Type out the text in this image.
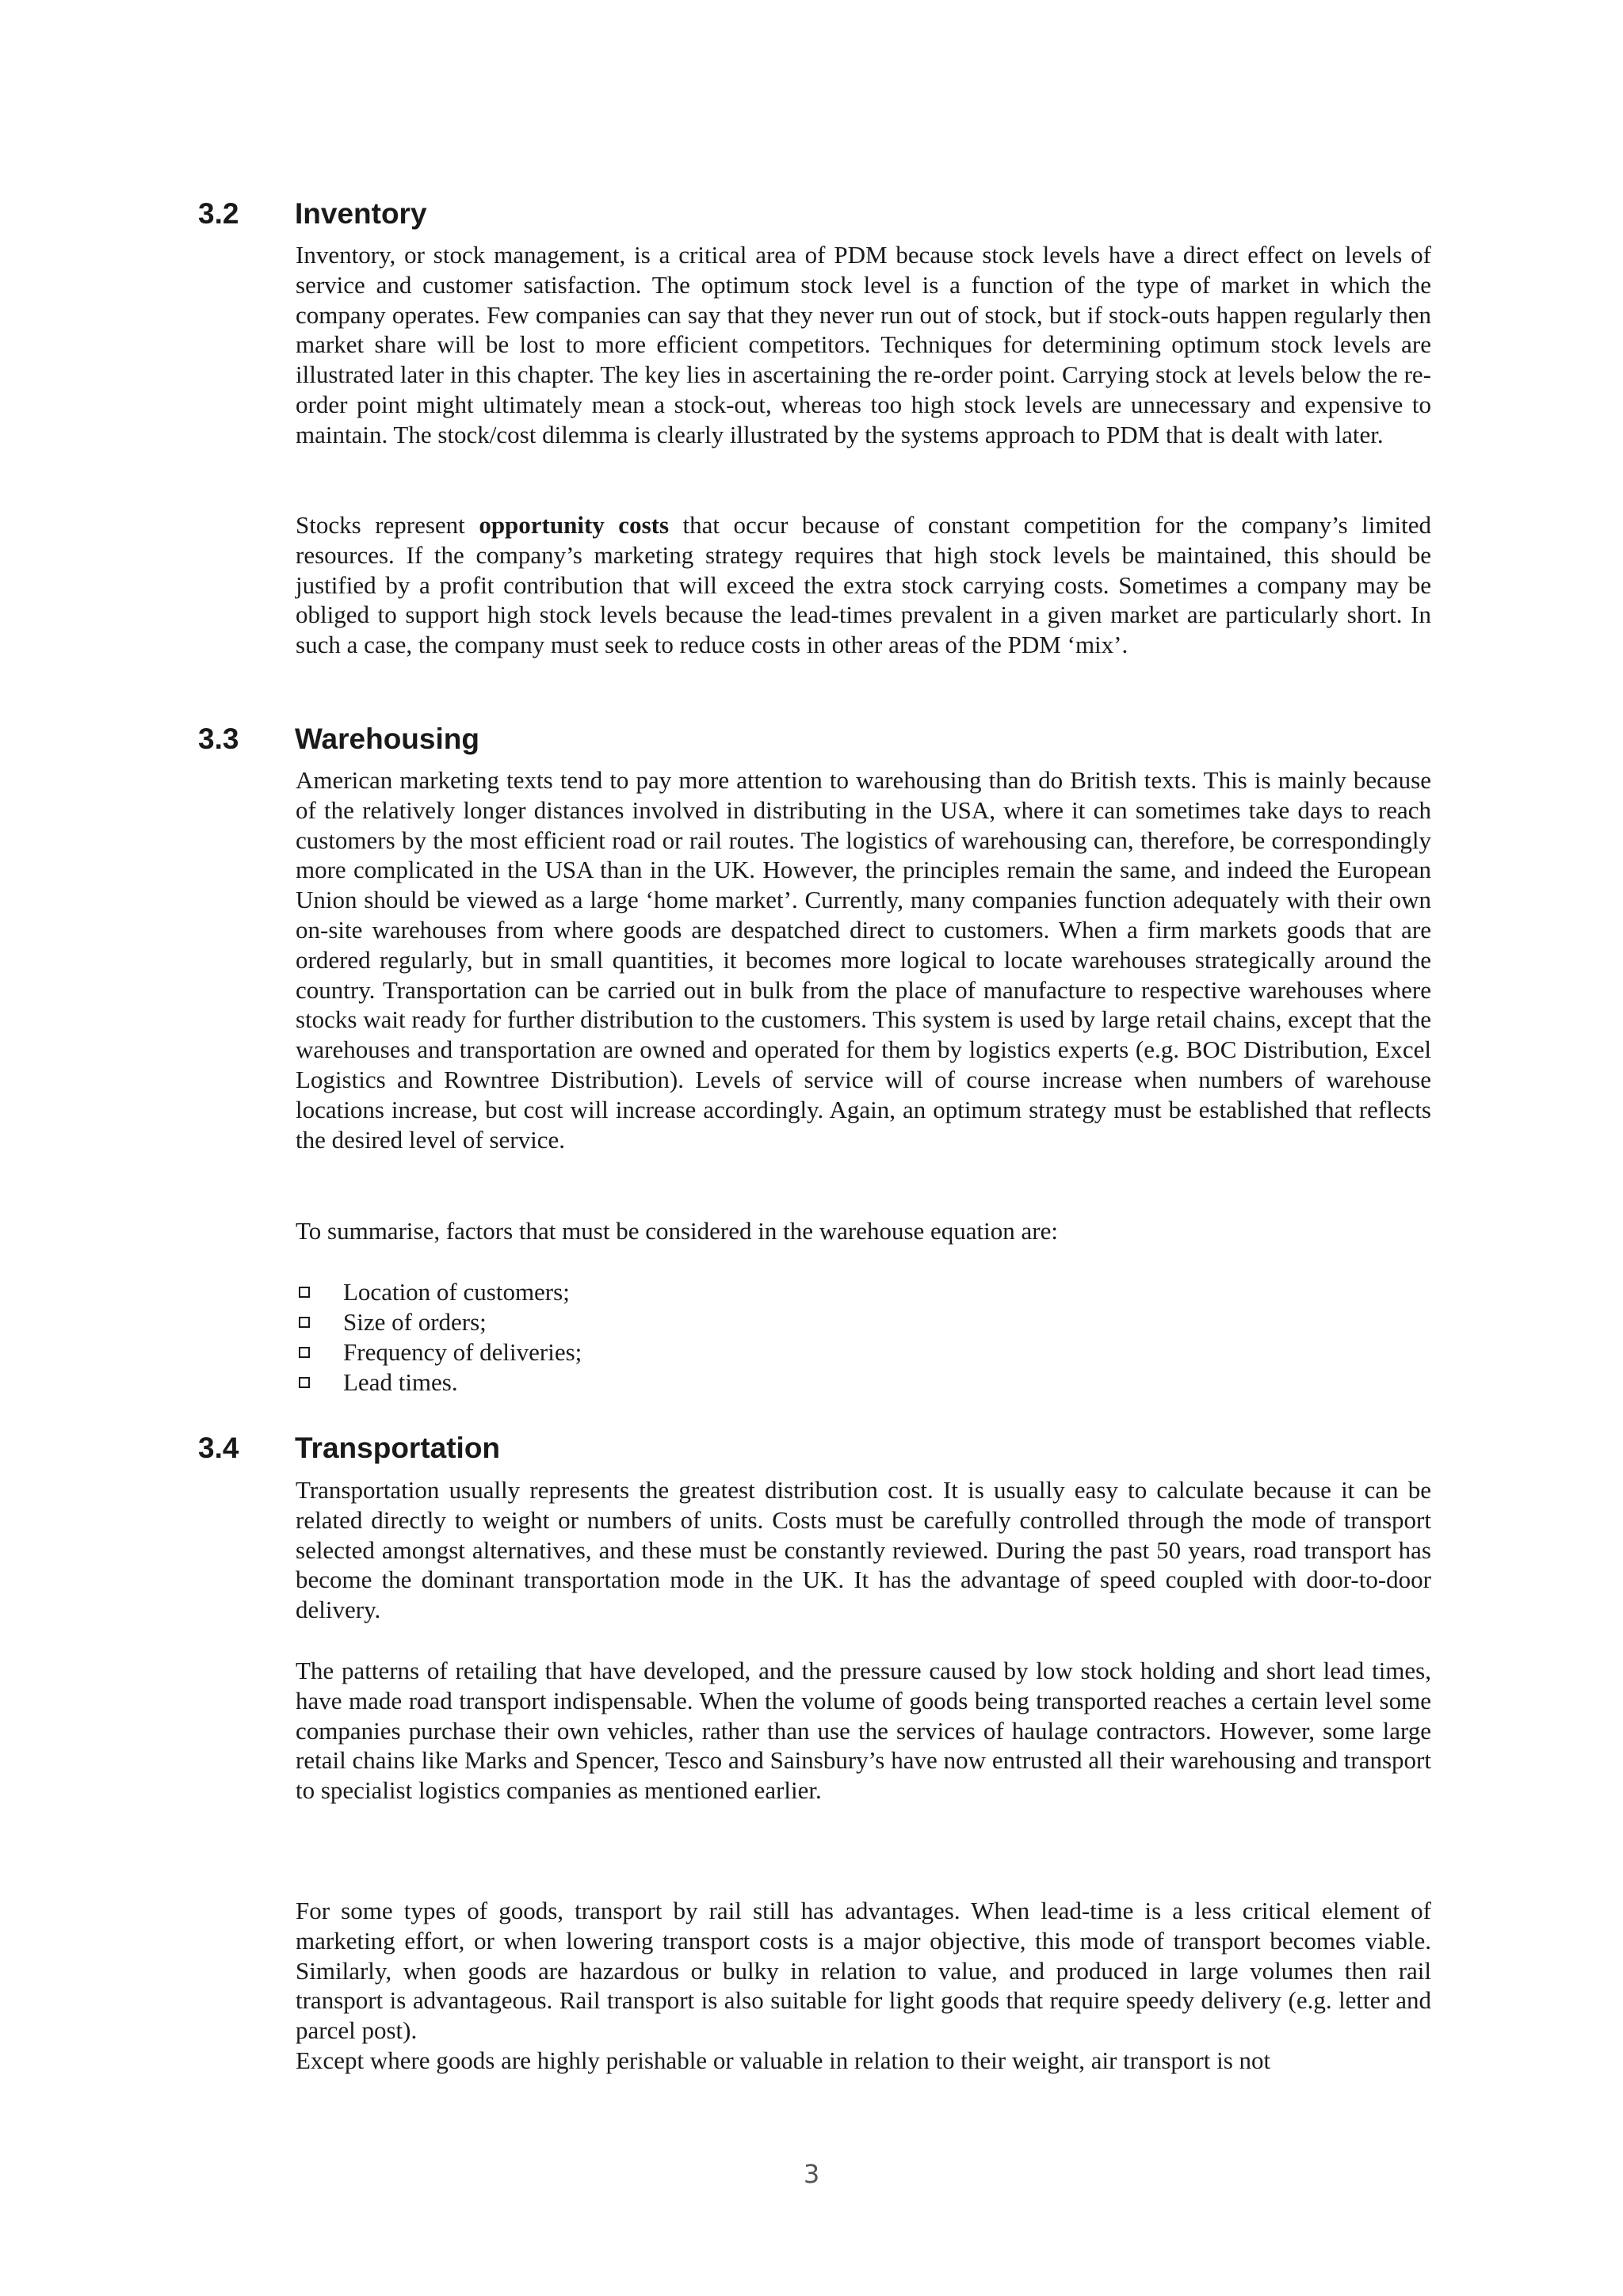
3.2 Inventory

Inventory, or stock management, is a critical area of PDM because stock levels have a direct effect on levels of service and customer satisfaction. The optimum stock level is a function of the type of market in which the company operates. Few companies can say that they never run out of stock, but if stock-outs happen regularly then market share will be lost to more efficient competitors. Techniques for determining optimum stock levels are illustrated later in this chapter. The key lies in ascertaining the re-order point. Carrying stock at levels below the re-order point might ultimately mean a stock-out, whereas too high stock levels are unnecessary and expensive to maintain. The stock/cost dilemma is clearly illustrated by the systems approach to PDM that is dealt with later.

Stocks represent opportunity costs that occur because of constant competition for the company’s limited resources. If the company’s marketing strategy requires that high stock levels be maintained, this should be justified by a profit contribution that will exceed the extra stock carrying costs. Sometimes a company may be obliged to support high stock levels because the lead-times prevalent in a given market are particularly short. In such a case, the company must seek to reduce costs in other areas of the PDM ‘mix’.

3.3 Warehousing

American marketing texts tend to pay more attention to warehousing than do British texts. This is mainly because of the relatively longer distances involved in distributing in the USA, where it can sometimes take days to reach customers by the most efficient road or rail routes. The logistics of warehousing can, therefore, be correspondingly more complicated in the USA than in the UK. However, the principles remain the same, and indeed the European Union should be viewed as a large ‘home market’. Currently, many companies function adequately with their own on-site warehouses from where goods are despatched direct to customers. When a firm markets goods that are ordered regularly, but in small quantities, it becomes more logical to locate warehouses strategically around the country. Transportation can be carried out in bulk from the place of manufacture to respective warehouses where stocks wait ready for further distribution to the customers. This system is used by large retail chains, except that the warehouses and transportation are owned and operated for them by logistics experts (e.g. BOC Distribution, Excel Logistics and Rowntree Distribution). Levels of service will of course increase when numbers of warehouse locations increase, but cost will increase accordingly. Again, an optimum strategy must be established that reflects the desired level of service.

To summarise, factors that must be considered in the warehouse equation are:

Location of customers;
Size of orders;
Frequency of deliveries;
Lead times.
3.4 Transportation

Transportation usually represents the greatest distribution cost. It is usually easy to calculate because it can be related directly to weight or numbers of units. Costs must be carefully controlled through the mode of transport selected amongst alternatives, and these must be constantly reviewed. During the past 50 years, road transport has become the dominant transportation mode in the UK. It has the advantage of speed coupled with door-to-door delivery.

The patterns of retailing that have developed, and the pressure caused by low stock holding and short lead times, have made road transport indispensable. When the volume of goods being transported reaches a certain level some companies purchase their own vehicles, rather than use the services of haulage contractors. However, some large retail chains like Marks and Spencer, Tesco and Sainsbury’s have now entrusted all their warehousing and transport to specialist logistics companies as mentioned earlier.

For some types of goods, transport by rail still has advantages. When lead-time is a less critical element of marketing effort, or when lowering transport costs is a major objective, this mode of transport becomes viable. Similarly, when goods are hazardous or bulky in relation to value, and produced in large volumes then rail transport is advantageous. Rail transport is also suitable for light goods that require speedy delivery (e.g. letter and parcel post).

Except where goods are highly perishable or valuable in relation to their weight, air transport is not

3
